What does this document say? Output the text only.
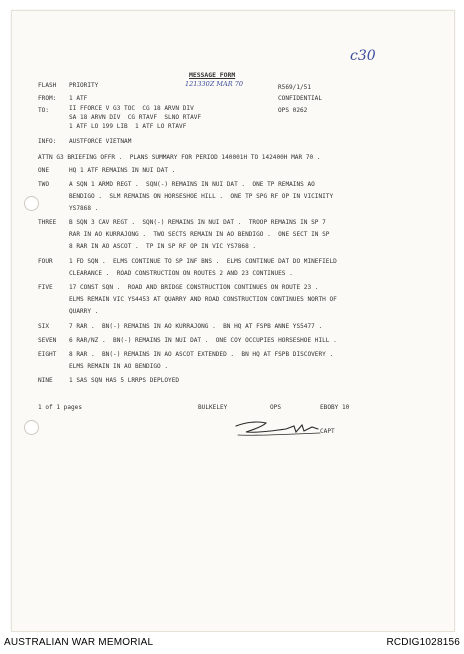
c30
121330Z MAR 70
MESSAGE FORM
FLASH PRIORITY	R569/1/51
FROM: 1 ATF	CONFIDENTIAL
TO:	II FFORCE V G3 TOC  CG 18 ARVN DIV
SA 18 ARVN DIV  CG RTAVF  SLNO RTAVF
1 ATF LO 199 LIB  1 ATF LO RTAVF
OPS 0262
INFO: AUSTFORCE VIETNAM
ATTN G3 BRIEFING OFFR .  PLANS SUMMARY FOR PERIOD 140001H TO 142400H MAR 70 .
ONE	HQ 1 ATF REMAINS IN NUI DAT .
TWO	A SQN 1 ARMD REGT .  SQN(-) REMAINS IN NUI DAT .  ONE TP REMAINS AO
BENDIGO .  SLM REMAINS ON HORSESHOE HILL .  ONE TP SPG RF OP IN VICINITY
YS7868 .
THREE B SQN 3 CAV REGT .  SQN(-) REMAINS IN NUI DAT .  TROOP REMAINS IN SP 7
RAR IN AO KURRAJONG .  TWO SECTS REMAIN IN AO BENDIGO .  ONE SECT IN SP
8 RAR IN AO ASCOT .  TP IN SP RF OP IN VIC YS7868 .
FOUR	1 FD SQN .  ELMS CONTINUE TO SP INF BNS .  ELMS CONTINUE DAT DO MINEFIELD
CLEARANCE .  ROAD CONSTRUCTION ON ROUTES 2 AND 23 CONTINUES .
FIVE	17 CONST SQN .  ROAD AND BRIDGE CONSTRUCTION CONTINUES ON ROUTE 23 .
ELMS REMAIN VIC YS4453 AT QUARRY AND ROAD CONSTRUCTION CONTINUES NORTH OF
QUARRY .
SIX	7 RAR .  BN(-) REMAINS IN AO KURRAJONG .  BN HQ AT FSPB ANNE YS5477 .
SEVEN 6 RAR/NZ .  BN(-) REMAINS IN NUI DAT .  ONE COY OCCUPIES HORSESHOE HILL .
EIGHT 8 RAR .  BN(-) REMAINS IN AO ASCOT EXTENDED .  BN HQ AT FSPB DISCOVERY .
ELMS REMAIN IN AO BENDIGO .
NINE	1 SAS SQN HAS 5 LRRPS DEPLOYED
1 of 1 pages	BULKELEY	OPS	EBOBY 10
CAPT
AUSTRALIAN WAR MEMORIAL	RCDIG1028156
